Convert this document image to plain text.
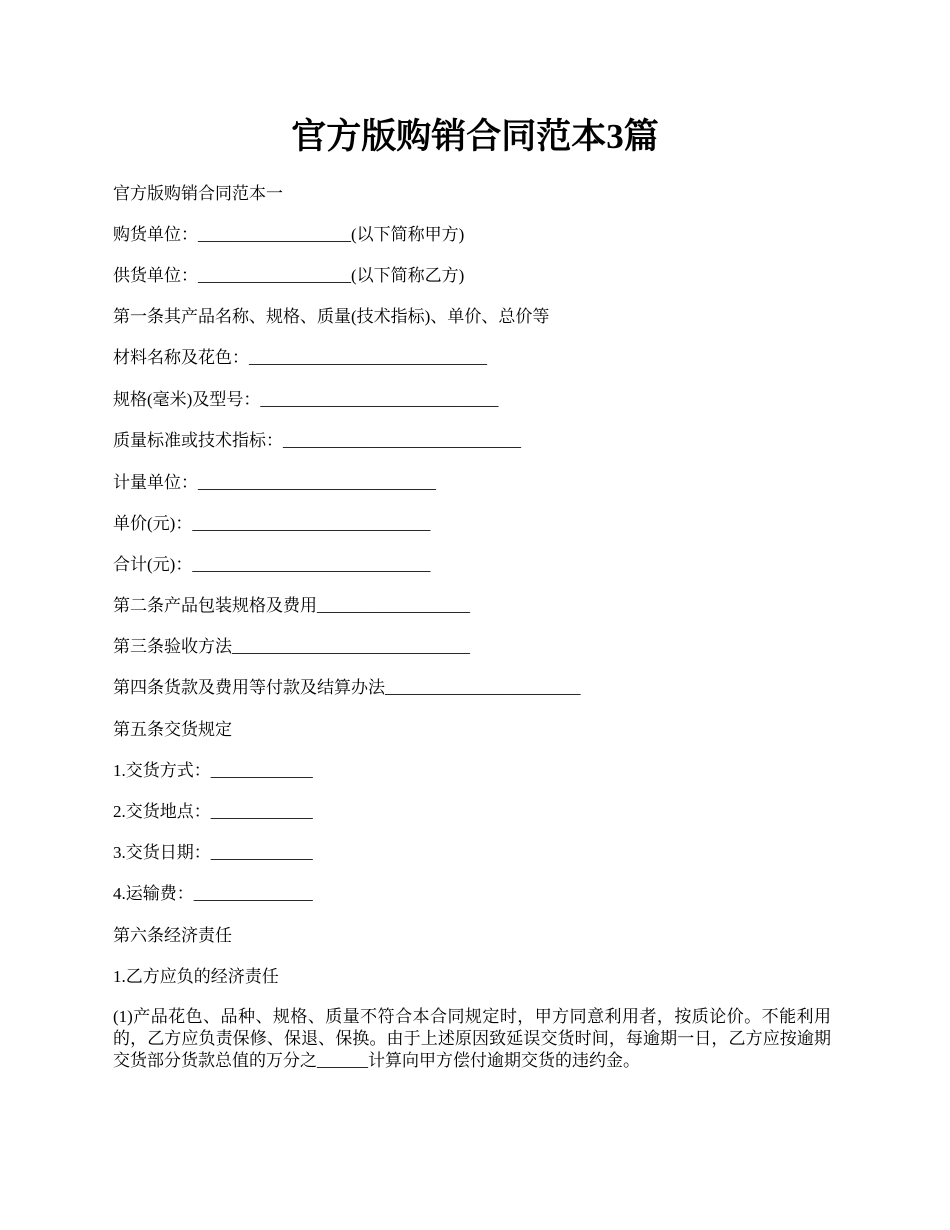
官方版购销合同范本3篇

官方版购销合同范本一

购货单位：__________________(以下简称甲方)

供货单位：__________________(以下简称乙方)

第一条其产品名称、规格、质量(技术指标)、单价、总价等

材料名称及花色：____________________________

规格(毫米)及型号：____________________________

质量标准或技术指标：____________________________

计量单位：____________________________

单价(元)：____________________________

合计(元)：____________________________

第二条产品包装规格及费用__________________

第三条验收方法____________________________

第四条货款及费用等付款及结算办法_______________________

第五条交货规定

1.交货方式：____________

2.交货地点：____________

3.交货日期：____________

4.运输费：______________

第六条经济责任

1.乙方应负的经济责任

(1)产品花色、品种、规格、质量不符合本合同规定时，甲方同意利用者，按质论价。不能利用的，乙方应负责保修、保退、保换。由于上述原因致延误交货时间，每逾期一日，乙方应按逾期交货部分货款总值的万分之______计算向甲方偿付逾期交货的违约金。
